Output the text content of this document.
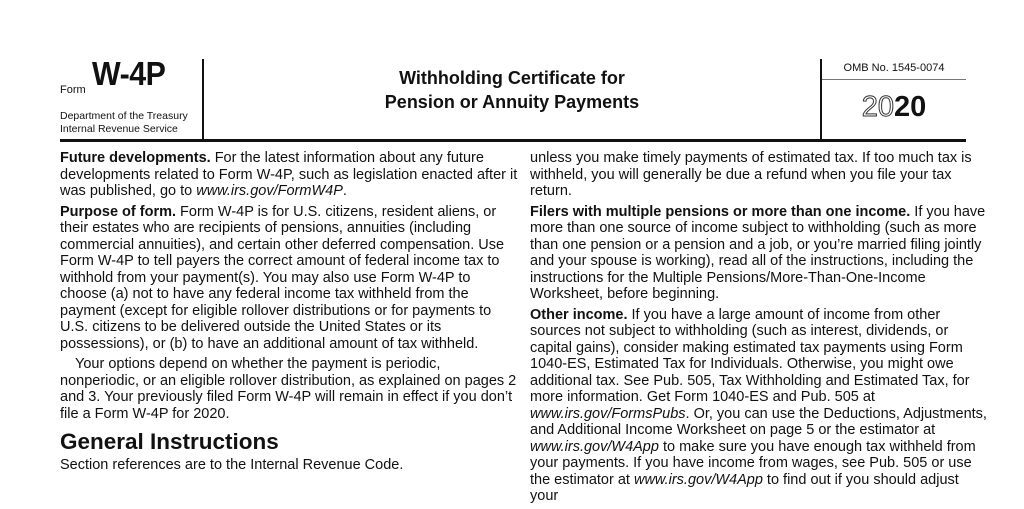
Form W-4P
Department of the Treasury
Internal Revenue Service
Withholding Certificate for
Pension or Annuity Payments
OMB No. 1545-0074
2020

Future developments. For the latest information about any future developments related to Form W-4P, such as legislation enacted after it was published, go to www.irs.gov/FormW4P.

Purpose of form. Form W-4P is for U.S. citizens, resident aliens, or their estates who are recipients of pensions, annuities (including commercial annuities), and certain other deferred compensation. Use Form W-4P to tell payers the correct amount of federal income tax to withhold from your payment(s). You may also use Form W-4P to choose (a) not to have any federal income tax withheld from the payment (except for eligible rollover distributions or for payments to U.S. citizens to be delivered outside the United States or its possessions), or (b) to have an additional amount of tax withheld.

Your options depend on whether the payment is periodic, nonperiodic, or an eligible rollover distribution, as explained on pages 2 and 3. Your previously filed Form W-4P will remain in effect if you don’t file a Form W-4P for 2020.

General Instructions

Section references are to the Internal Revenue Code.

unless you make timely payments of estimated tax. If too much tax is withheld, you will generally be due a refund when you file your tax return.

Filers with multiple pensions or more than one income. If you have more than one source of income subject to withholding (such as more than one pension or a pension and a job, or you’re married filing jointly and your spouse is working), read all of the instructions, including the instructions for the Multiple Pensions/More-Than-One-Income Worksheet, before beginning.

Other income. If you have a large amount of income from other sources not subject to withholding (such as interest, dividends, or capital gains), consider making estimated tax payments using Form 1040-ES, Estimated Tax for Individuals. Otherwise, you might owe additional tax. See Pub. 505, Tax Withholding and Estimated Tax, for more information. Get Form 1040-ES and Pub. 505 at www.irs.gov/FormsPubs. Or, you can use the Deductions, Adjustments, and Additional Income Worksheet on page 5 or the estimator at www.irs.gov/W4App to make sure you have enough tax withheld from your payments. If you have income from wages, see Pub. 505 or use the estimator at www.irs.gov/W4App to find out if you should adjust your
